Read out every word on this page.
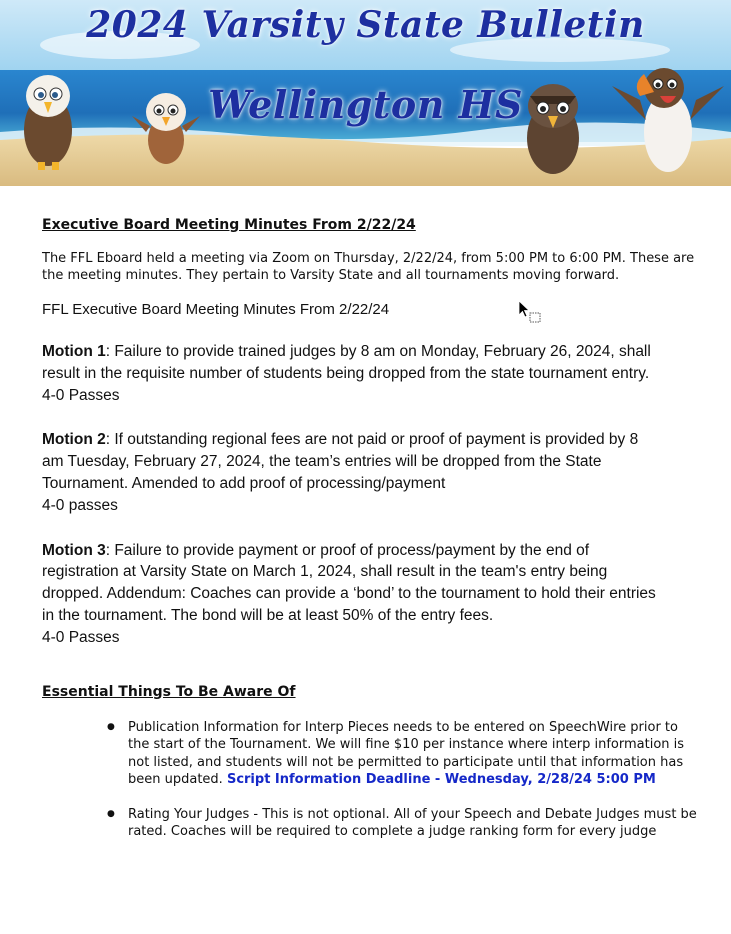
2024 Varsity State Bulletin
Wellington HS

Executive Board Meeting Minutes From 2/22/24

The FFL Eboard held a meeting via Zoom on Thursday, 2/22/24, from 5:00 PM to 6:00 PM. These are the meeting minutes. They pertain to Varsity State and all tournaments moving forward.
FFL Executive Board Meeting Minutes From 2/22/24
Motion 1: Failure to provide trained judges by 8 am on Monday, February 26, 2024, shall result in the requisite number of students being dropped from the state tournament entry.
4-0 Passes
Motion 2: If outstanding regional fees are not paid or proof of payment is provided by 8 am Tuesday, February 27, 2024, the team’s entries will be dropped from the State Tournament. Amended to add proof of processing/payment
4-0 passes
Motion 3: Failure to provide payment or proof of process/payment by the end of registration at Varsity State on March 1, 2024, shall result in the team's entry being dropped. Addendum: Coaches can provide a ‘bond’ to the tournament to hold their entries in the tournament. The bond will be at least 50% of the entry fees.
4-0 Passes

Essential Things To Be Aware Of

● Publication Information for Interp Pieces needs to be entered on SpeechWire prior to the start of the Tournament. We will fine $10 per instance where interp information is not listed, and students will not be permitted to participate until that information has been updated. Script Information Deadline - Wednesday, 2/28/24 5:00 PM
● Rating Your Judges - This is not optional. All of your Speech and Debate Judges must be rated. Coaches will be required to complete a judge ranking form for every judge
